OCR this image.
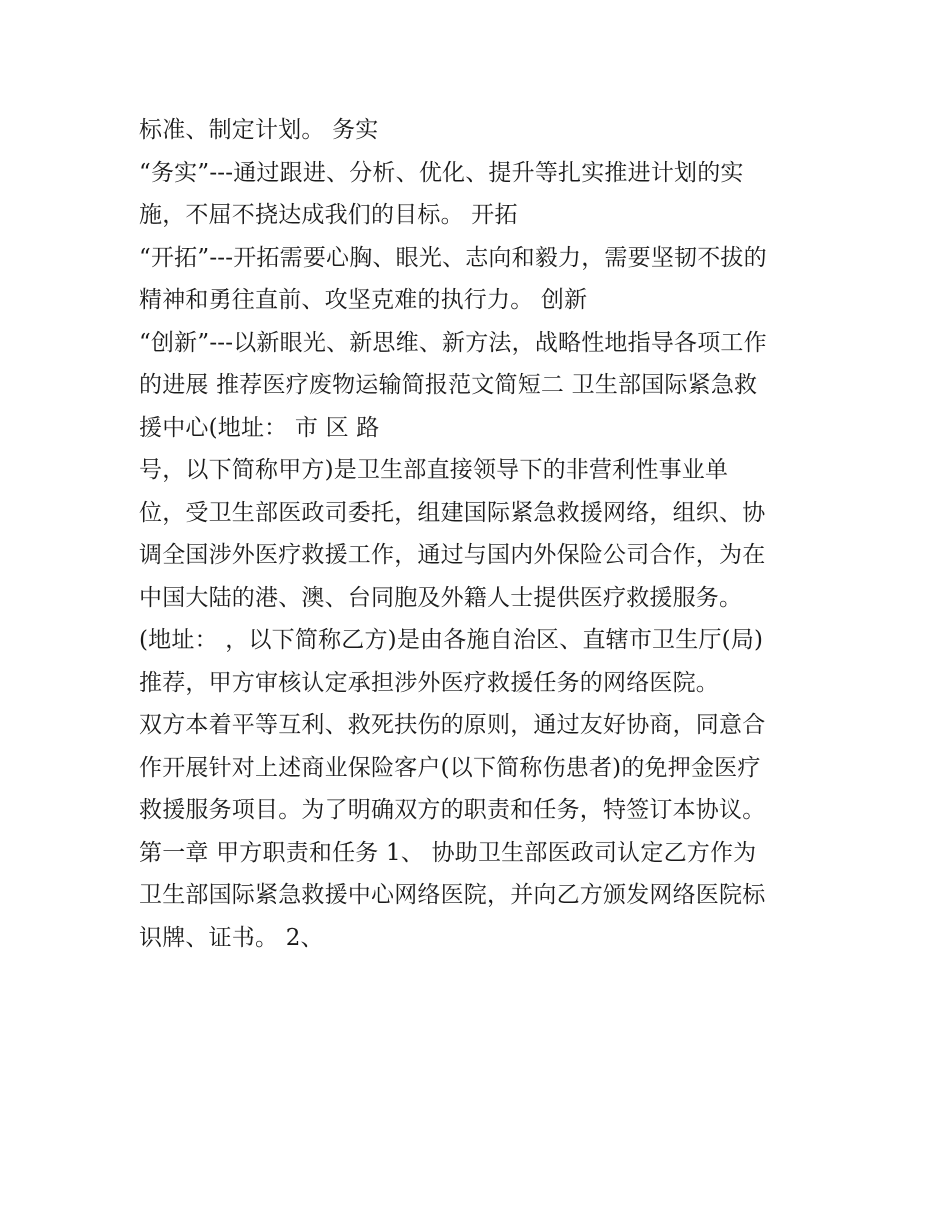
标准、制定计划。 务实
“务实”---通过跟进、分析、优化、提升等扎实推进计划的实
施，不屈不挠达成我们的目标。 开拓
“开拓”---开拓需要心胸、眼光、志向和毅力，需要坚韧不拔的
精神和勇往直前、攻坚克难的执行力。 创新
“创新”---以新眼光、新思维、新方法，战略性地指导各项工作
的进展 推荐医疗废物运输简报范文简短二 卫生部国际紧急救
援中心(地址： 市 区 路
号，以下简称甲方)是卫生部直接领导下的非营利性事业单
位，受卫生部医政司委托，组建国际紧急救援网络，组织、协
调全国涉外医疗救援工作，通过与国内外保险公司合作，为在
中国大陆的港、澳、台同胞及外籍人士提供医疗救援服务。
(地址： ，以下简称乙方)是由各施自治区、直辖市卫生厅(局)
推荐，甲方审核认定承担涉外医疗救援任务的网络医院。
双方本着平等互利、救死扶伤的原则，通过友好协商，同意合
作开展针对上述商业保险客户(以下简称伤患者)的免押金医疗
救援服务项目。为了明确双方的职责和任务，特签订本协议。
第一章 甲方职责和任务 1、 协助卫生部医政司认定乙方作为
卫生部国际紧急救援中心网络医院，并向乙方颁发网络医院标
识牌、证书。 2、
